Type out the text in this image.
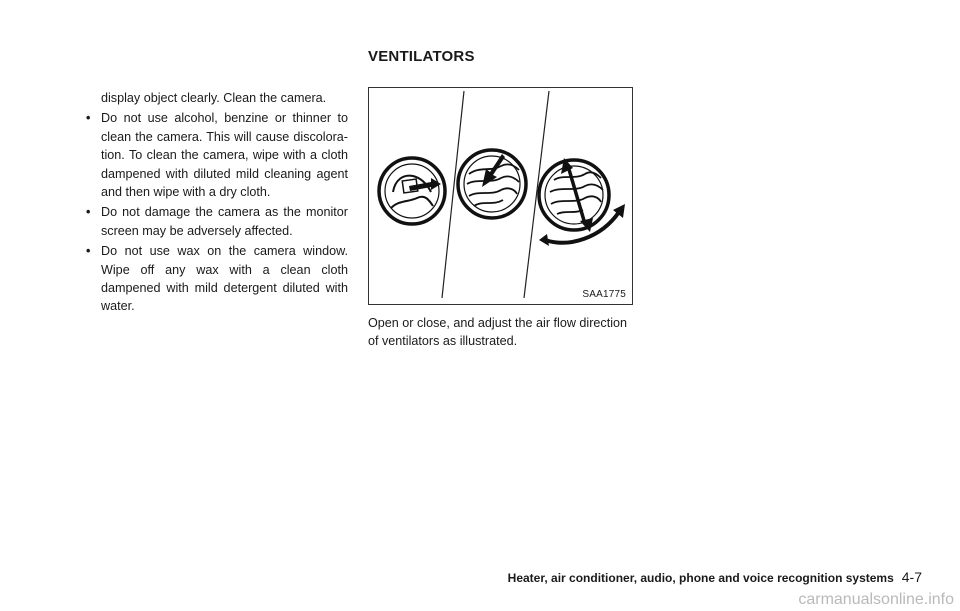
display object clearly. Clean the camera.

• Do not use alcohol, benzine or thinner to clean the camera. This will cause discolora-tion. To clean the camera, wipe with a cloth dampened with diluted mild cleaning agent and then wipe with a dry cloth.
• Do not damage the camera as the monitor screen may be adversely affected.
• Do not use wax on the camera window. Wipe off any wax with a clean cloth dampened with mild detergent diluted with water.
VENTILATORS
SAA1775

Open or close, and adjust the air flow direction of ventilators as illustrated.

Heater, air conditioner, audio, phone and voice recognition systems 4-7
carmanualsonline.info
